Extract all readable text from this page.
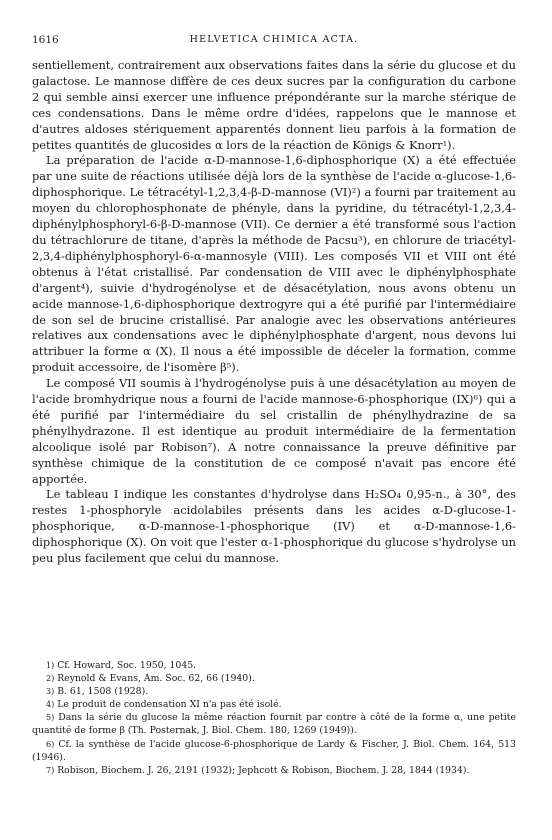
1616	HELVETICA CHIMICA ACTA.

sentiellement, contrairement aux observations faites dans la série du glucose et du galactose. Le mannose diffère de ces deux sucres par la configuration du carbone 2 qui semble ainsi exercer une influence prépondérante sur la marche stérique de ces condensations. Dans le même ordre d'idées, rappelons que le mannose et d'autres aldoses stériquement apparentés donnent lieu parfois à la formation de petites quantités de glucosides α lors de la réaction de Königs & Knorr¹).

La préparation de l'acide α-D-mannose-1,6-diphosphorique (X) a été effectuée par une suite de réactions utilisée déjà lors de la synthèse de l'acide α-glucose-1,6-diphosphorique. Le tétracétyl-1,2,3,4-β-D-mannose (VI)²) a fourni par traitement au moyen du chlorophosphonate de phényle, dans la pyridine, du tétracétyl-1,2,3,4-diphénylphosphoryl-6-β-D-mannose (VII). Ce dernier a été transformé sous l'action du tétrachlorure de titane, d'après la méthode de Pacsu³), en chlorure de triacétyl-2,3,4-diphénylphosphoryl-6-α-mannosyle (VIII). Les composés VII et VIII ont été obtenus à l'état cristallisé. Par condensation de VIII avec le diphénylphosphate d'argent⁴), suivie d'hydrogénolyse et de désacétylation, nous avons obtenu un acide mannose-1,6-diphosphorique dextrogyre qui a été purifié par l'intermédiaire de son sel de brucine cristallisé. Par analogie avec les observations antérieures relatives aux condensations avec le diphénylphosphate d'argent, nous devons lui attribuer la forme α (X). Il nous a été impossible de déceler la formation, comme produit accessoire, de l'isomère β⁵).

Le composé VII soumis à l'hydrogénolyse puis à une désacétylation au moyen de l'acide bromhydrique nous a fourni de l'acide mannose-6-phosphorique (IX)⁶) qui a été purifié par l'intermédiaire du sel cristallin de phénylhydrazine de sa phénylhydrazone. Il est identique au produit intermédiaire de la fermentation alcoolique isolé par Robison⁷). A notre connaissance la preuve définitive par synthèse chimique de la constitution de ce composé n'avait pas encore été apportée.

Le tableau I indique les constantes d'hydrolyse dans H₂SO₄ 0,95-n., à 30°, des restes 1-phosphoryle acidolabiles présents dans les acides α-D-glucose-1-phosphorique, α-D-mannose-1-phosphorique (IV) et α-D-mannose-1,6-diphosphorique (X). On voit que l'ester α-1-phosphorique du glucose s'hydrolyse un peu plus facilement que celui du mannose.

1) Cf. Howard, Soc. 1950, 1045.

2) Reynold & Evans, Am. Soc. 62, 66 (1940).

3) B. 61, 1508 (1928).

4) Le produit de condensation XI n'a pas été isolé.

5) Dans la série du glucose la même réaction fournit par contre à côté de la forme α, une petite quantité de forme β (Th. Posternak, J. Biol. Chem. 180, 1269 (1949)).

6) Cf. la synthèse de l'acide glucose-6-phosphorique de Lardy & Fischer, J. Biol. Chem. 164, 513 (1946).

7) Robison, Biochem. J. 26, 2191 (1932); Jephcott & Robison, Biochem. J. 28, 1844 (1934).
